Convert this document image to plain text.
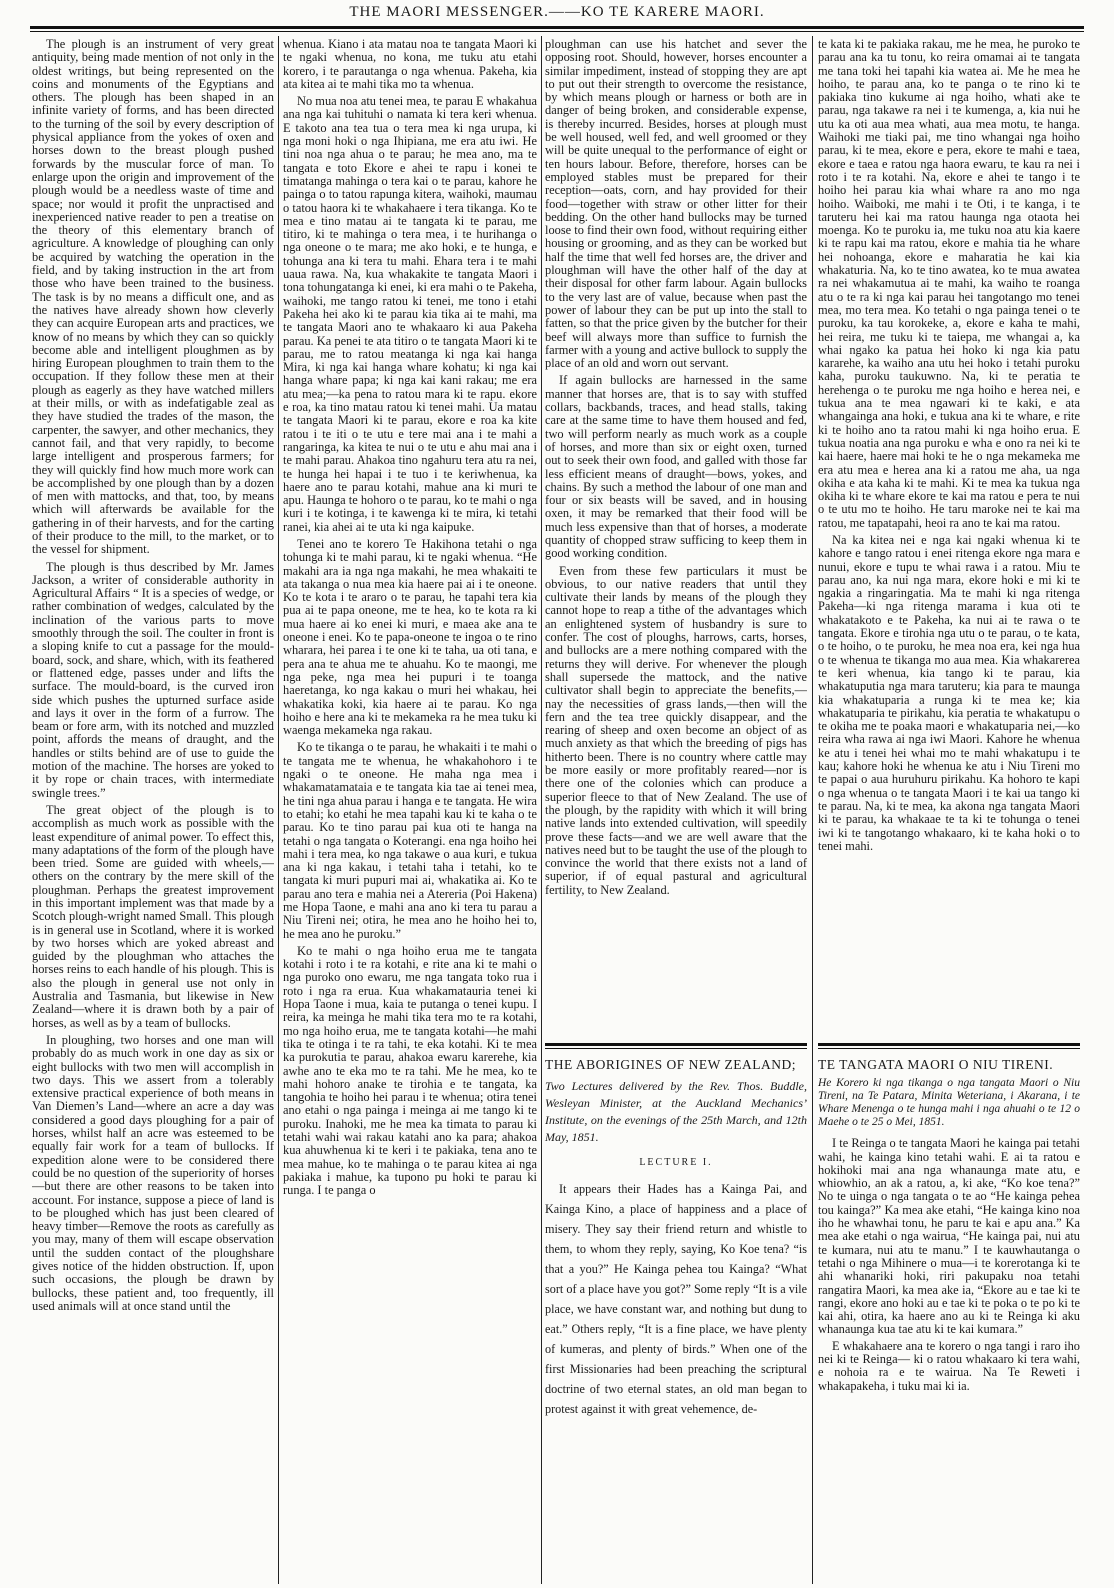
THE MAORI MESSENGER.——KO TE KARERE MAORI.

The plough is an instrument of very great antiquity, being made mention of not only in the oldest writings, but being represented on the coins and monuments of the Egyptians and others. The plough has been shaped in an infinite variety of forms, and has been directed to the turning of the soil by every description of physical appliance from the yokes of oxen and horses down to the breast plough pushed forwards by the muscular force of man. To enlarge upon the origin and improvement of the plough would be a needless waste of time and space; nor would it profit the unpractised and inexperienced native reader to pen a treatise on the theory of this elementary branch of agriculture. A knowledge of ploughing can only be acquired by watching the operation in the field, and by taking instruction in the art from those who have been trained to the business. The task is by no means a difficult one, and as the natives have already shown how cleverly they can acquire European arts and practices, we know of no means by which they can so quickly become able and intelligent ploughmen as by hiring European ploughmen to train them to the occupation. If they follow these men at their plough as eagerly as they have watched millers at their mills, or with as indefatigable zeal as they have studied the trades of the mason, the carpenter, the sawyer, and other mechanics, they cannot fail, and that very rapidly, to become large intelligent and prosperous farmers; for they will quickly find how much more work can be accomplished by one plough than by a dozen of men with mattocks, and that, too, by means which will afterwards be available for the gathering in of their harvests, and for the carting of their produce to the mill, to the market, or to the vessel for shipment.

The plough is thus described by Mr. James Jackson, a writer of considerable authority in Agricultural Affairs “ It is a species of wedge, or rather combination of wedges, calculated by the inclination of the various parts to move smoothly through the soil. The coulter in front is a sloping knife to cut a passage for the mould-board, sock, and share, which, with its feathered or flattened edge, passes under and lifts the surface. The mould-board, is the curved iron side which pushes the upturned surface aside and lays it over in the form of a furrow. The beam or fore arm, with its notched and muzzled point, affords the means of draught, and the handles or stilts behind are of use to guide the motion of the machine. The horses are yoked to it by rope or chain traces, with intermediate swingle trees.”

The great object of the plough is to accomplish as much work as possible with the least expenditure of animal power. To effect this, many adaptations of the form of the plough have been tried. Some are guided with wheels,—others on the contrary by the mere skill of the ploughman. Perhaps the greatest improvement in this important implement was that made by a Scotch plough-wright named Small. This plough is in general use in Scotland, where it is worked by two horses which are yoked abreast and guided by the ploughman who attaches the horses reins to each handle of his plough. This is also the plough in general use not only in Australia and Tasmania, but likewise in New Zealand—where it is drawn both by a pair of horses, as well as by a team of bullocks.

In ploughing, two horses and one man will probably do as much work in one day as six or eight bullocks with two men will accomplish in two days. This we assert from a tolerably extensive practical experience of both means in Van Diemen’s Land—where an acre a day was considered a good days ploughing for a pair of horses, whilst half an acre was esteemed to be equally fair work for a team of bullocks. If expedition alone were to be considered there could be no question of the superiority of horses—but there are other reasons to be taken into account. For instance, suppose a piece of land is to be ploughed which has just been cleared of heavy timber—Remove the roots as carefully as you may, many of them will escape observation until the sudden contact of the ploughshare gives notice of the hidden obstruction. If, upon such occasions, the plough be drawn by bullocks, these patient and, too frequently, ill used animals will at once stand until the

whenua. Kiano i ata matau noa te tangata Maori ki te ngaki whenua, no kona, me tuku atu etahi korero, i te parautanga o nga whenua. Pakeha, kia ata kitea ai te mahi tika mo ta whenua.

No mua noa atu tenei mea, te parau E whakahua ana nga kai tuhituhi o namata ki tera keri whenua. E takoto ana tea tua o tera mea ki nga urupa, ki nga moni hoki o nga Ihipiana, me era atu iwi. He tini noa nga ahua o te parau; he mea ano, ma te tangata e toto Ekore e ahei te rapu i konei te timatanga mahinga o tera kai o te parau, kahore he painga o to tatou rapunga kitera, waihoki, maumau o tatou haora ki te whakahaere i tera tikanga. Ko te mea e tino matau ai te tangata ki te parau, me titiro, ki te mahinga o tera mea, i te hurihanga o nga oneone o te mara; me ako hoki, e te hunga, e tohunga ana ki tera tu mahi. Ehara tera i te mahi uaua rawa. Na, kua whakakite te tangata Maori i tona tohungatanga ki enei, ki era mahi o te Pakeha, waihoki, me tango ratou ki tenei, me tono i etahi Pakeha hei ako ki te parau kia tika ai te mahi, ma te tangata Maori ano te whakaaro ki aua Pakeha parau. Ka penei te ata titiro o te tangata Maori ki te parau, me to ratou meatanga ki nga kai hanga Mira, ki nga kai hanga whare kohatu; ki nga kai hanga whare papa; ki nga kai kani rakau; me era atu mea;—ka pena to ratou mara ki te rapu. ekore e roa, ka tino matau ratou ki tenei mahi. Ua matau te tangata Maori ki te parau, ekore e roa ka kite ratou i te iti o te utu e tere mai ana i te mahi a rangaringa, ka kitea te nui o te utu e ahu mai ana i te mahi parau. Ahakoa tino ngahuru tera atu ra nei, te hunga hei hapai i te tuo i te keriwhenua, ka haere ano te parau kotahi, mahue ana ki muri te apu. Haunga te hohoro o te parau, ko te mahi o nga kuri i te kotinga, i te kawenga ki te mira, ki tetahi ranei, kia ahei ai te uta ki nga kaipuke.

Tenei ano te korero Te Hakihona tetahi o nga tohunga ki te mahi parau, ki te ngaki whenua. “He makahi ara ia nga nga makahi, he mea whakaiti te ata takanga o nua mea kia haere pai ai i te oneone. Ko te kota i te araro o te parau, he tapahi tera kia pua ai te papa oneone, me te hea, ko te kota ra ki mua haere ai ko enei ki muri, e maea ake ana te oneone i enei. Ko te papa-oneone te ingoa o te rino wharara, hei parea i te one ki te taha, ua oti tana, e pera ana te ahua me te ahuahu. Ko te maongi, me nga peke, nga mea hei pupuri i te toanga haeretanga, ko nga kakau o muri hei whakau, hei whakatika koki, kia haere ai te parau. Ko nga hoiho e here ana ki te mekameka ra he mea tuku ki waenga mekameka nga rakau.

Ko te tikanga o te parau, he whakaiti i te mahi o te tangata me te whenua, he whakahohoro i te ngaki o te oneone. He maha nga mea i whakamatamataia e te tangata kia tae ai tenei mea, he tini nga ahua parau i hanga e te tangata. He wira to etahi; ko etahi he mea tapahi kau ki te kaha o te parau. Ko te tino parau pai kua oti te hanga na tetahi o nga tangata o Koterangi. ena nga hoiho hei mahi i tera mea, ko nga takawe o aua kuri, e tukua ana ki nga kakau, i tetahi taha i tetahi, ko te tangata ki muri pupuri mai ai, whakatika ai. Ko te parau ano tera e mahia nei a Atereria (Poi Hakena) me Hopa Taone, e mahi ana ano ki tera tu parau a Niu Tireni nei; otira, he mea ano he hoiho hei to, he mea ano he puroku.”

Ko te mahi o nga hoiho erua me te tangata kotahi i roto i te ra kotahi, e rite ana ki te mahi o nga puroko ono ewaru, me nga tangata toko rua i roto i nga ra erua. Kua whakamatauria tenei ki Hopa Taone i mua, kaia te putanga o tenei kupu. I reira, ka meinga he mahi tika tera mo te ra kotahi, mo nga hoiho erua, me te tangata kotahi—he mahi tika te otinga i te ra tahi, te eka kotahi. Ki te mea ka purokutia te parau, ahakoa ewaru karerehe, kia awhe ano te eka mo te ra tahi. Me he mea, ko te mahi hohoro anake te tirohia e te tangata, ka tangohia te hoiho hei parau i te whenua; otira tenei ano etahi o nga painga i meinga ai me tango ki te puroku. Inahoki, me he mea ka timata to parau ki tetahi wahi wai rakau katahi ano ka para; ahakoa kua ahuwhenua ki te keri i te pakiaka, tena ano te mea mahue, ko te mahinga o te parau kitea ai nga pakiaka i mahue, ka tupono pu hoki te parau ki runga. I te panga o

ploughman can use his hatchet and sever the opposing root. Should, however, horses encounter a similar impediment, instead of stopping they are apt to put out their strength to overcome the resistance, by which means plough or harness or both are in danger of being broken, and considerable expense, is thereby incurred. Besides, horses at plough must be well housed, well fed, and well groomed or they will be quite unequal to the performance of eight or ten hours labour. Before, therefore, horses can be employed stables must be prepared for their reception—oats, corn, and hay provided for their food—together with straw or other litter for their bedding. On the other hand bullocks may be turned loose to find their own food, without requiring either housing or grooming, and as they can be worked but half the time that well fed horses are, the driver and ploughman will have the other half of the day at their disposal for other farm labour. Again bullocks to the very last are of value, because when past the power of labour they can be put up into the stall to fatten, so that the price given by the butcher for their beef will always more than suffice to furnish the farmer with a young and active bullock to supply the place of an old and worn out servant.

If again bullocks are harnessed in the same manner that horses are, that is to say with stuffed collars, backbands, traces, and head stalls, taking care at the same time to have them housed and fed, two will perform nearly as much work as a couple of horses, and more than six or eight oxen, turned out to seek their own food, and galled with those far less efficient means of draught—bows, yokes, and chains. By such a method the labour of one man and four or six beasts will be saved, and in housing oxen, it may be remarked that their food will be much less expensive than that of horses, a moderate quantity of chopped straw sufficing to keep them in good working condition.

Even from these few particulars it must be obvious, to our native readers that until they cultivate their lands by means of the plough they cannot hope to reap a tithe of the advantages which an enlightened system of husbandry is sure to confer. The cost of ploughs, harrows, carts, horses, and bullocks are a mere nothing compared with the returns they will derive. For whenever the plough shall supersede the mattock, and the native cultivator shall begin to appreciate the benefits,—nay the necessities of grass lands,—then will the fern and the tea tree quickly disappear, and the rearing of sheep and oxen become an object of as much anxiety as that which the breeding of pigs has hitherto been. There is no country where cattle may be more easily or more profitably reared—nor is there one of the colonies which can produce a superior fleece to that of New Zealand. The use of the plough, by the rapidity with which it will bring native lands into extended cultivation, will speedily prove these facts—and we are well aware that the natives need but to be taught the use of the plough to convince the world that there exists not a land of superior, if of equal pastural and agricultural fertility, to New Zealand.

te kata ki te pakiaka rakau, me he mea, he puroko te parau ana ka tu tonu, ko reira omamai ai te tangata me tana toki hei tapahi kia watea ai. Me he mea he hoiho, te parau ana, ko te panga o te rino ki te pakiaka tino kukume ai nga hoiho, whati ake te parau, nga takawe ra nei i te kumenga, a, kia nui he utu ka oti aua mea whati, aua mea motu, te hanga. Waihoki me tiaki pai, me tino whangai nga hoiho parau, ki te mea, ekore e pera, ekore te mahi e taea, ekore e taea e ratou nga haora ewaru, te kau ra nei i roto i te ra kotahi. Na, ekore e ahei te tango i te hoiho hei parau kia whai whare ra ano mo nga hoiho. Waiboki, me mahi i te Oti, i te kanga, i te taruteru hei kai ma ratou haunga nga otaota hei moenga. Ko te puroku ia, me tuku noa atu kia kaere ki te rapu kai ma ratou, ekore e mahia tia he whare hei nohoanga, ekore e maharatia he kai kia whakaturia. Na, ko te tino awatea, ko te mua awatea ra nei whakamutua ai te mahi, ka waiho te roanga atu o te ra ki nga kai parau hei tangotango mo tenei mea, mo tera mea. Ko tetahi o nga painga tenei o te puroku, ka tau korokeke, a, ekore e kaha te mahi, hei reira, me tuku ki te taiepa, me whangai a, ka whai ngako ka patua hei hoko ki nga kia patu kararehe, ka waiho ana utu hei hoko i tetahi puroku kaha, puroku taukuwno. Na, ki te peratia te herehenga o te puroku me nga hoiho e herea nei, e tukua ana te mea ngawari ki te kaki, e ata whangainga ana hoki, e tukua ana ki te whare, e rite ki te hoiho ano ta ratou mahi ki nga hoiho erua. E tukua noatia ana nga puroku e wha e ono ra nei ki te kai haere, haere mai hoki te he o nga mekameka me era atu mea e herea ana ki a ratou me aha, ua nga okiha e ata kaha ki te mahi. Ki te mea ka tukua nga okiha ki te whare ekore te kai ma ratou e pera te nui o te utu mo te hoiho. He taru maroke nei te kai ma ratou, me tapatapahi, heoi ra ano te kai ma ratou.

Na ka kitea nei e nga kai ngaki whenua ki te kahore e tango ratou i enei ritenga ekore nga mara e nunui, ekore e tupu te whai rawa i a ratou. Miu te parau ano, ka nui nga mara, ekore hoki e mi ki te ngakia a ringaringatia. Ma te mahi ki nga ritenga Pakeha—ki nga ritenga marama i kua oti te whakatakoto e te Pakeha, ka nui ai te rawa o te tangata. Ekore e tirohia nga utu o te parau, o te kata, o te hoiho, o te puroku, he mea noa era, kei nga hua o te whenua te tikanga mo aua mea. Kia whakarerea te keri whenua, kia tango ki te parau, kia whakatuputia nga mara taruteru; kia para te maunga kia whakatuparia a runga ki te mea ke; kia whakatuparia te pirikahu, kia peratia te whakatupu o te okiha me te poaka maori e whakatuparia nei,—ko reira wha rawa ai nga iwi Maori. Kahore he whenua ke atu i tenei hei whai mo te mahi whakatupu i te kau; kahore hoki he whenua ke atu i Niu Tireni mo te papai o aua huruhuru pirikahu. Ka hohoro te kapi o nga whenua o te tangata Maori i te kai ua tango ki te parau. Na, ki te mea, ka akona nga tangata Maori ki te parau, ka whakaae te ta ki te tohunga o tenei iwi ki te tangotango whakaaro, ki te kaha hoki o to tenei mahi.

THE ABORIGINES OF NEW ZEALAND;
Two Lectures delivered by the Rev. Thos. Buddle, Wesleyan Minister, at the Auckland Mechanics’ Institute, on the evenings of the 25th March, and 12th May, 1851.
LECTURE I.

It appears their Hades has a Kainga Pai, and Kainga Kino, a place of happiness and a place of misery. They say their friend return and whistle to them, to whom they reply, saying, Ko Koe tena? “is that a you?” He Kainga pehea tou Kainga? “What sort of a place have you got?” Some reply “It is a vile place, we have constant war, and nothing but dung to eat.” Others reply, “It is a fine place, we have plenty of kumeras, and plenty of birds.” When one of the first Missionaries had been preaching the scriptural doctrine of two eternal states, an old man began to protest against it with great vehemence, de-

TE TANGATA MAORI O NIU TIRENI.
He Korero ki nga tikanga o nga tangata Maori o Niu Tireni, na Te Patara, Minita Weteriana, i Akarana, i te Whare Menenga o te hunga mahi i nga ahuahi o te 12 o Maehe o te 25 o Mei, 1851.

I te Reinga o te tangata Maori he kainga pai tetahi wahi, he kainga kino tetahi wahi. E ai ta ratou e hokihoki mai ana nga whanaunga mate atu, e whiowhio, an ak a ratou, a, ki ake, “Ko koe tena?” No te uinga o nga tangata o te ao “He kainga pehea tou kainga?” Ka mea ake etahi, “He kainga kino noa iho he whawhai tonu, he paru te kai e apu ana.” Ka mea ake etahi o nga wairua, “He kainga pai, nui atu te kumara, nui atu te manu.” I te kauwhautanga o tetahi o nga Mihinere o mua—i te korerotanga ki te ahi whanariki hoki, riri pakupaku noa tetahi rangatira Maori, ka mea ake ia, “Ekore au e tae ki te rangi, ekore ano hoki au e tae ki te poka o te po ki te kai ahi, otira, ka haere ano au ki te Reinga ki aku whanaunga kua tae atu ki te kai kumara.”

E whakahaere ana te korero o nga tangi i raro iho nei ki te Reinga— ki o ratou whakaaro ki tera wahi, e nohoia ra e te wairua. Na Te Reweti i whakapakeha, i tuku mai ki ia.
